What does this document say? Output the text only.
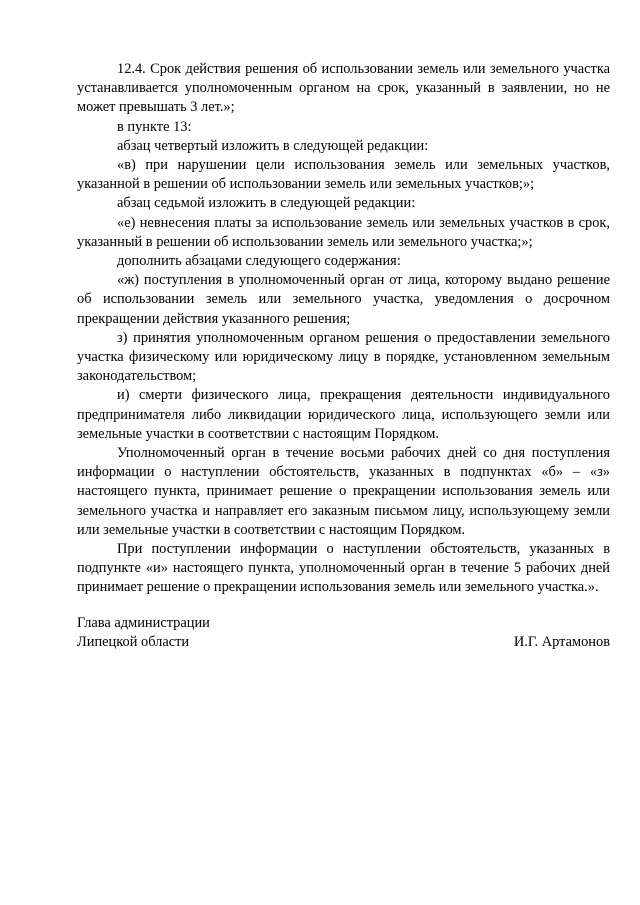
12.4. Срок действия решения об использовании земель или земельного участка устанавливается уполномоченным органом на срок, указанный в заявлении, но не может превышать 3 лет.»;

в пункте 13:

абзац четвертый изложить в следующей редакции:

«в) при нарушении цели использования земель или земельных участков, указанной в решении об использовании земель или земельных участков;»;

абзац седьмой изложить в следующей редакции:

«е) невнесения платы за использование земель или земельных участков в срок, указанный в решении об использовании земель или земельного участка;»;

дополнить абзацами следующего содержания:

«ж) поступления в уполномоченный орган от лица, которому выдано решение об использовании земель или земельного участка, уведомления о досрочном прекращении действия указанного решения;

з) принятия уполномоченным органом решения о предоставлении земельного участка физическому или юридическому лицу в порядке, установленном земельным законодательством;

и) смерти физического лица, прекращения деятельности индивидуального предпринимателя либо ликвидации юридического лица, использующего земли или земельные участки в соответствии с настоящим Порядком.

Уполномоченный орган в течение восьми рабочих дней со дня поступления информации о наступлении обстоятельств, указанных в подпунктах «б» – «з» настоящего пункта, принимает решение о прекращении использования земель или земельного участка и направляет его заказным письмом лицу, использующему земли или земельные участки в соответствии с настоящим Порядком.

При поступлении информации о наступлении обстоятельств, указанных в подпункте «и» настоящего пункта, уполномоченный орган в течение 5 рабочих дней принимает решение о прекращении использования земель или земельного участка.».

Глава администрации
Липецкой области	И.Г. Артамонов
